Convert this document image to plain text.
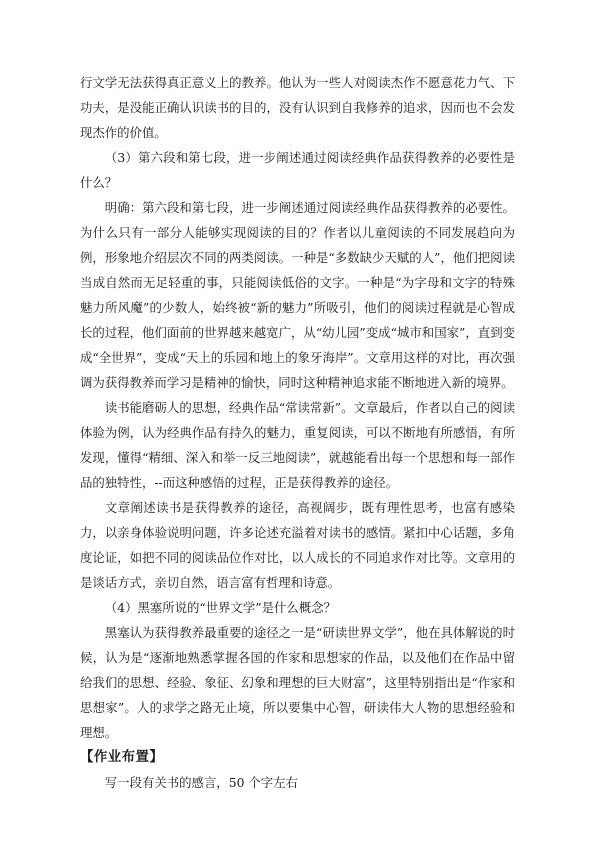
行文学无法获得真正意义上的教养。他认为一些人对阅读杰作不愿意花力气、下功夫，是没能正确认识读书的目的，没有认识到自我修养的追求，因而也不会发现杰作的价值。

（3）第六段和第七段，进一步阐述通过阅读经典作品获得教养的必要性是什么？

明确：第六段和第七段，进一步阐述通过阅读经典作品获得教养的必要性。为什么只有一部分人能够实现阅读的目的？作者以儿童阅读的不同发展趋向为例，形象地介绍层次不同的两类阅读。一种是“多数缺少天赋的人”，他们把阅读当成自然而无足轻重的事，只能阅读低俗的文字。一种是“为字母和文字的特殊魅力所风魔”的少数人，始终被“新的魅力”所吸引，他们的阅读过程就是心智成长的过程，他们面前的世界越来越宽广，从“幼儿园”变成“城市和国家”，直到变成“全世界”，变成“天上的乐园和地上的象牙海岸”。文章用这样的对比，再次强调为获得教养而学习是精神的愉快，同时这种精神追求能不断地进入新的境界。

读书能磨砺人的思想，经典作品“常读常新”。文章最后，作者以自己的阅读体验为例，认为经典作品有持久的魅力，重复阅读，可以不断地有所感悟，有所发现，懂得“精细、深入和举一反三地阅读”，就越能看出每一个思想和每一部作品的独特性，--而这种感悟的过程，正是获得教养的途径。

文章阐述读书是获得教养的途径，高视阔步，既有理性思考，也富有感染力，以亲身体验说明问题，许多论述充溢着对读书的感情。紧扣中心话题，多角度论证，如把不同的阅读品位作对比，以人成长的不同追求作对比等。文章用的是谈话方式，亲切自然，语言富有哲理和诗意。

（4）黑塞所说的“世界文学”是什么概念？

黑塞认为获得教养最重要的途径之一是“研读世界文学”，他在具体解说的时候，认为是“逐渐地熟悉掌握各国的作家和思想家的作品，以及他们在作品中留给我们的思想、经验、象征、幻象和理想的巨大财富”，这里特别指出是“作家和思想家”。人的求学之路无止境，所以要集中心智，研读伟大人物的思想经验和理想。

【作业布置】

写一段有关书的感言，50 个字左右
